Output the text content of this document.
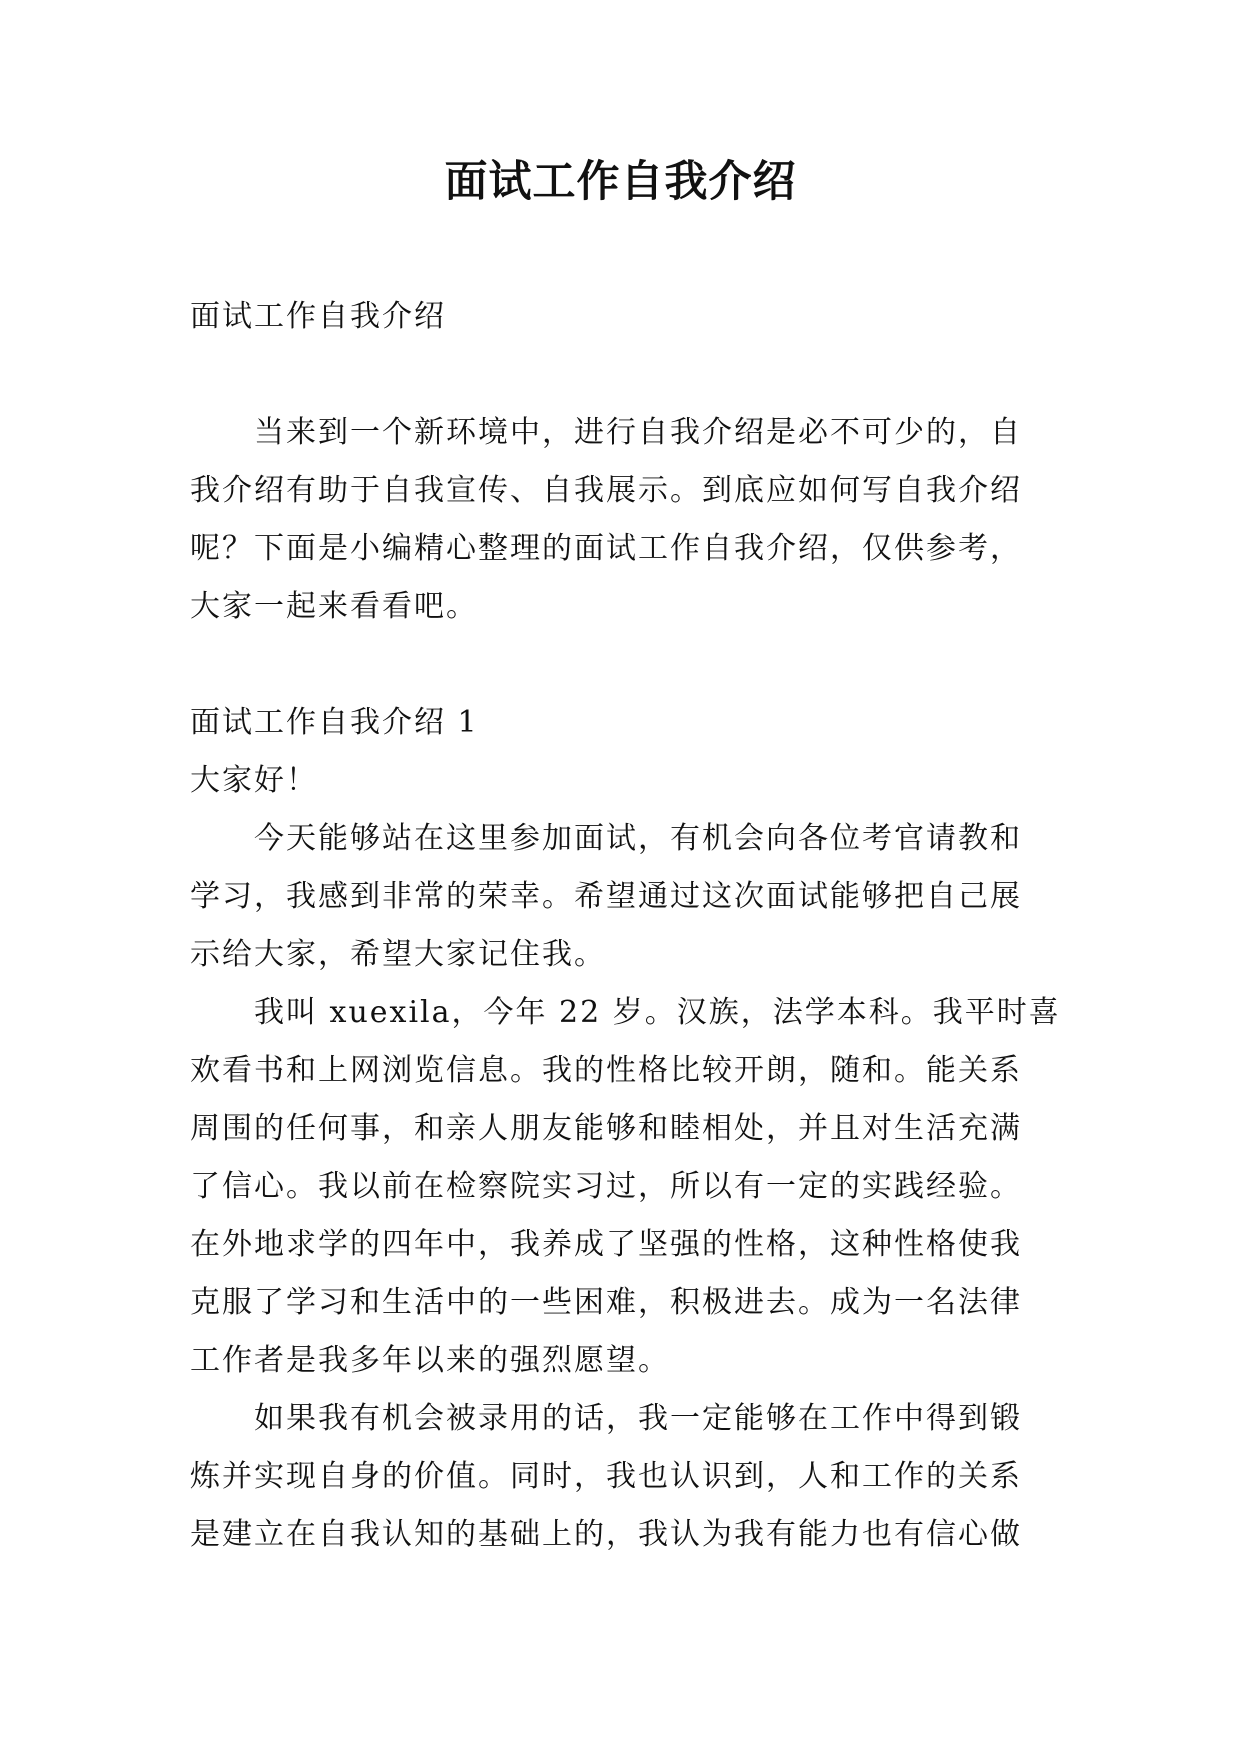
面试工作自我介绍
面试工作自我介绍
当来到一个新环境中，进行自我介绍是必不可少的，自
我介绍有助于自我宣传、自我展示。到底应如何写自我介绍
呢？下面是小编精心整理的面试工作自我介绍，仅供参考，
大家一起来看看吧。
面试工作自我介绍 1
大家好！
今天能够站在这里参加面试，有机会向各位考官请教和
学习，我感到非常的荣幸。希望通过这次面试能够把自己展
示给大家，希望大家记住我。
我叫 xuexila，今年 22 岁。汉族，法学本科。我平时喜
欢看书和上网浏览信息。我的性格比较开朗，随和。能关系
周围的任何事，和亲人朋友能够和睦相处，并且对生活充满
了信心。我以前在检察院实习过，所以有一定的实践经验。
在外地求学的四年中，我养成了坚强的性格，这种性格使我
克服了学习和生活中的一些困难，积极进去。成为一名法律
工作者是我多年以来的强烈愿望。
如果我有机会被录用的话，我一定能够在工作中得到锻
炼并实现自身的价值。同时，我也认识到，人和工作的关系
是建立在自我认知的基础上的，我认为我有能力也有信心做
